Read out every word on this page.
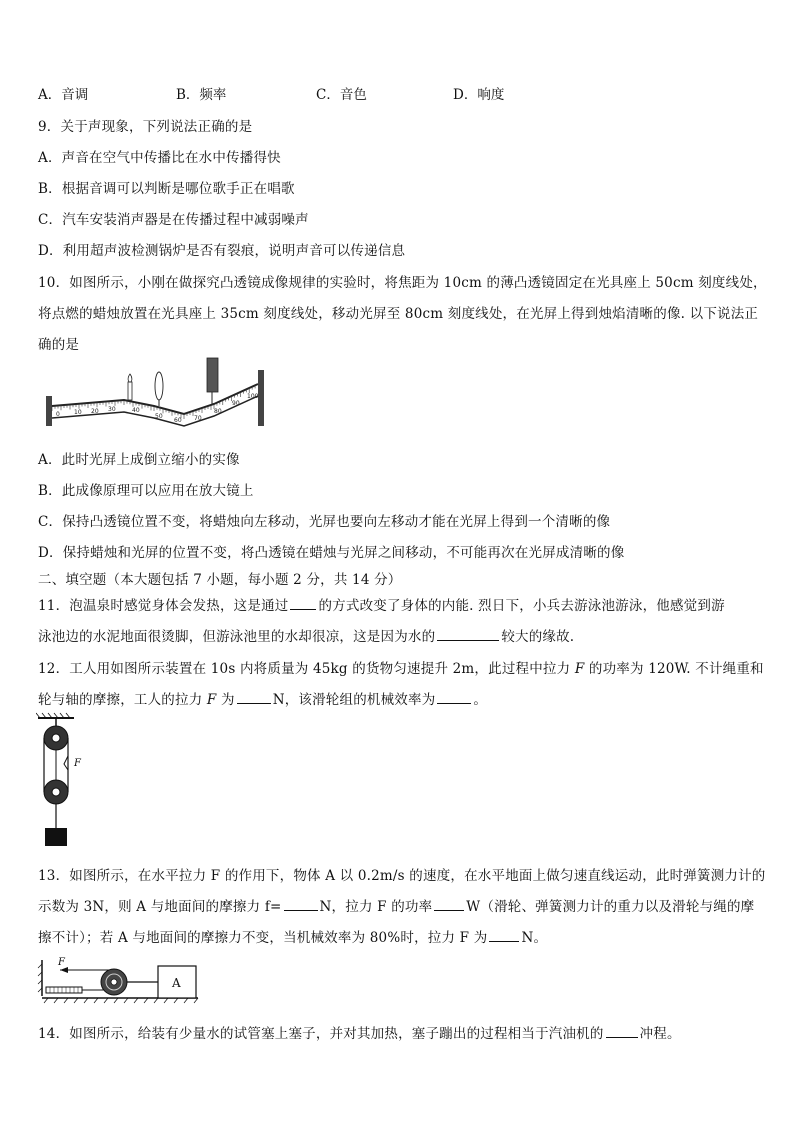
A．音调	B．频率	C．音色	D．响度
9．关于声现象，下列说法正确的是
A．声音在空气中传播比在水中传播得快
B．根据音调可以判断是哪位歌手正在唱歌
C．汽车安装消声器是在传播过程中减弱噪声
D．利用超声波检测锅炉是否有裂痕，说明声音可以传递信息
10．如图所示，小刚在做探究凸透镜成像规律的实验时，将焦距为 10cm 的薄凸透镜固定在光具座上 50cm 刻度线处，
将点燃的蜡烛放置在光具座上 35cm 刻度线处，移动光屏至 80cm 刻度线处，在光屏上得到烛焰清晰的像. 以下说法正
确的是
0 10 20 30	40
50
60 70
80
90
100
A．此时光屏上成倒立缩小的实像
B．此成像原理可以应用在放大镜上
C．保持凸透镜位置不变，将蜡烛向左移动，光屏也要向左移动才能在光屏上得到一个清晰的像
D．保持蜡烛和光屏的位置不变，将凸透镜在蜡烛与光屏之间移动，不可能再次在光屏成清晰的像
二、填空题（本大题包括 7 小题，每小题 2 分，共 14 分）
11．泡温泉时感觉身体会发热，这是通过 的方式改变了身体的内能. 烈日下，小兵去游泳池游泳，他感觉到游
泳池边的水泥地面很烫脚，但游泳池里的水却很凉，这是因为水的	较大的缘故.
12．工人用如图所示装置在 10s 内将质量为 45kg 的货物匀速提升 2m，此过程中拉力 F 的功率为 120W. 不计绳重和
轮与轴的摩擦，工人的拉力 F 为	N，该滑轮组的机械效率为	。
F
13．如图所示，在水平拉力 F 的作用下，物体 A 以 0.2m/s 的速度，在水平地面上做匀速直线运动，此时弹簧测力计的
示数为 3N，则 A 与地面间的摩擦力 f=	N，拉力 F 的功率	W（滑轮、弹簧测力计的重力以及滑轮与绳的摩
擦不计）；若 A 与地面间的摩擦力不变，当机械效率为 80%时，拉力 F 为	N。
F
A
14．如图所示，给装有少量水的试管塞上塞子，并对其加热，塞子蹦出的过程相当于汽油机的	冲程。
